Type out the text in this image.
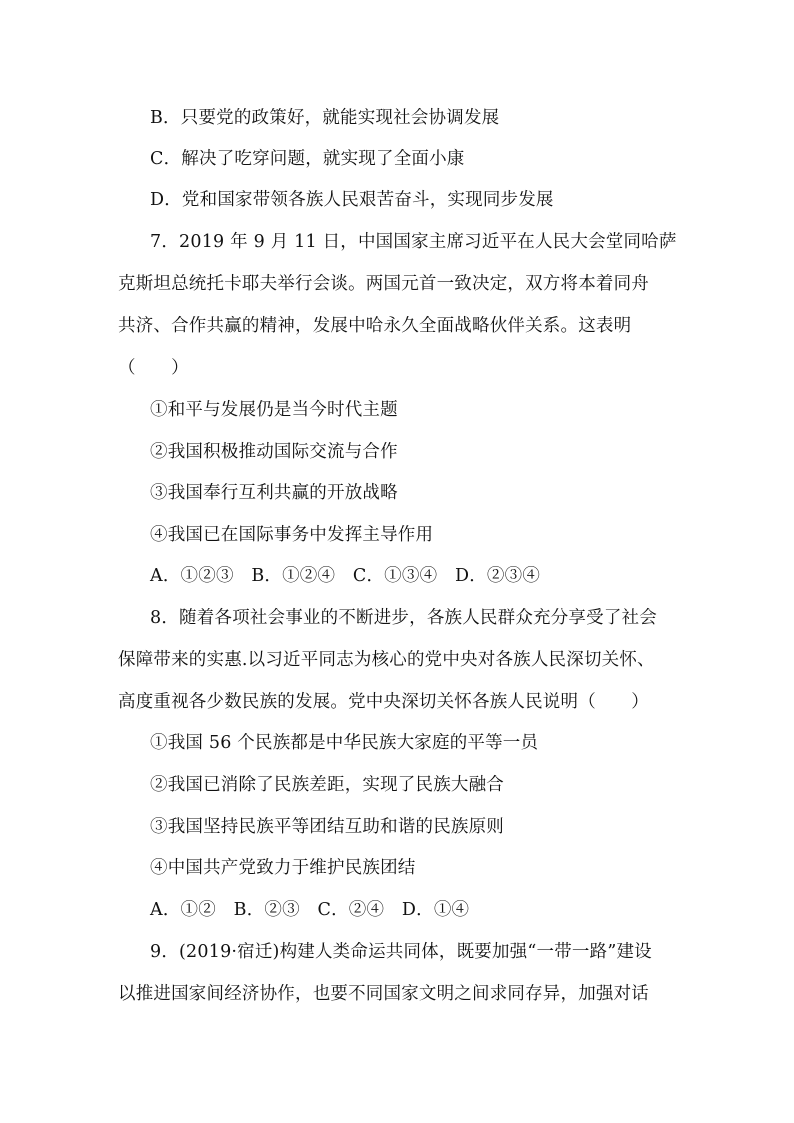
B．只要党的政策好，就能实现社会协调发展
C．解决了吃穿问题，就实现了全面小康
D．党和国家带领各族人民艰苦奋斗，实现同步发展
7．2019 年 9 月 11 日，中国国家主席习近平在人民大会堂同哈萨
克斯坦总统托卡耶夫举行会谈。两国元首一致决定，双方将本着同舟
共济、合作共赢的精神，发展中哈永久全面战略伙伴关系。这表明
（　　）
①和平与发展仍是当今时代主题
②我国积极推动国际交流与合作
③我国奉行互利共赢的开放战略
④我国已在国际事务中发挥主导作用
A．①②③　B．①②④　C．①③④　D．②③④
8．随着各项社会事业的不断进步，各族人民群众充分享受了社会
保障带来的实惠.以习近平同志为核心的党中央对各族人民深切关怀、
高度重视各少数民族的发展。党中央深切关怀各族人民说明（　　）
①我国 56 个民族都是中华民族大家庭的平等一员
②我国已消除了民族差距，实现了民族大融合
③我国坚持民族平等团结互助和谐的民族原则
④中国共产党致力于维护民族团结
A．①②　B．②③　C．②④　D．①④
9．(2019·宿迁)构建人类命运共同体，既要加强“一带一路”建设
以推进国家间经济协作，也要不同国家文明之间求同存异，加强对话
